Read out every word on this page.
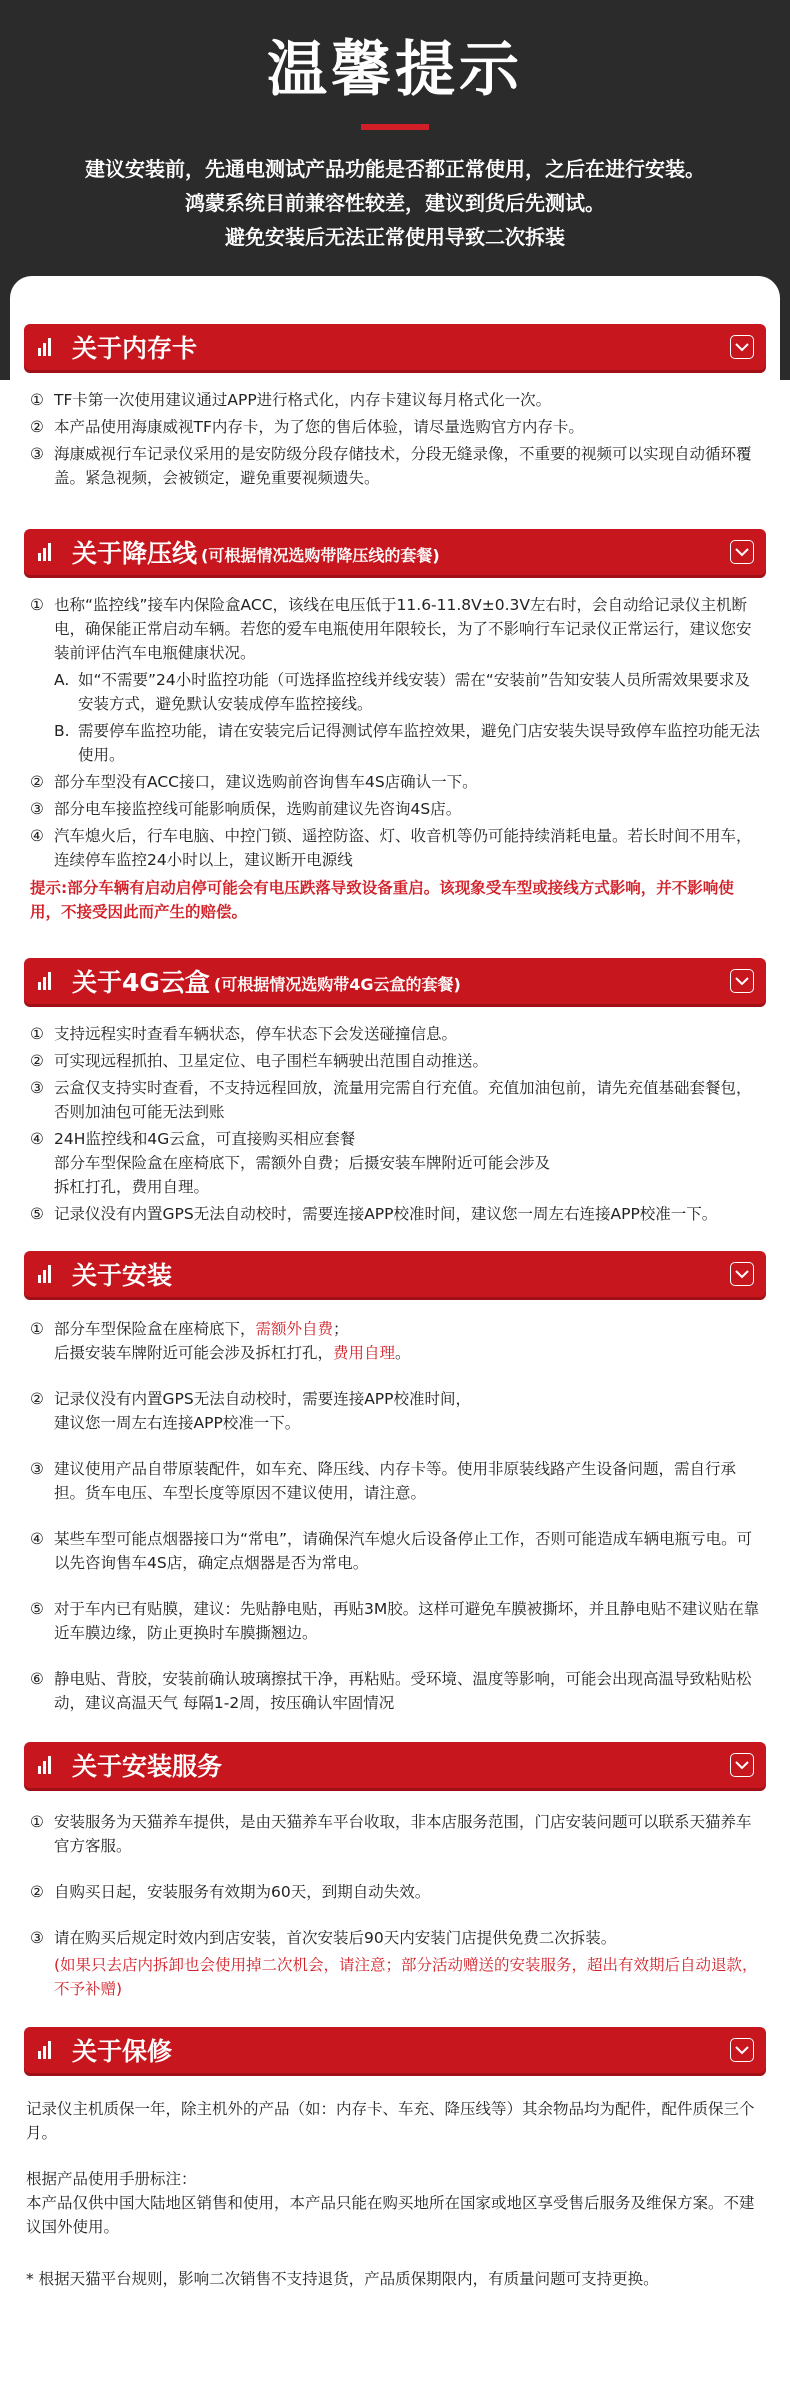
温馨提示

建议安装前，先通电测试产品功能是否都正常使用，之后在进行安装。

鸿蒙系统目前兼容性较差，建议到货后先测试。

避免安装后无法正常使用导致二次拆装

关于内存卡
① TF卡第一次使用建议通过APP进行格式化，内存卡建议每月格式化一次。
② 本产品使用海康威视TF内存卡，为了您的售后体验，请尽量选购官方内存卡。
③ 海康威视行车记录仪采用的是安防级分段存储技术，分段无缝录像，不重要的视频可以实现自动循环覆盖。紧急视频，会被锁定，避免重要视频遗失。
关于降压线 (可根据情况选购带降压线的套餐)
① 也称“监控线”接车内保险盒ACC，该线在电压低于11.6-11.8V±0.3V左右时，会自动给记录仪主机断电，确保能正常启动车辆。若您的爱车电瓶使用年限较长，为了不影响行车记录仪正常运行，建议您安装前评估汽车电瓶健康状况。
A. 如“不需要”24小时监控功能（可选择监控线并线安装）需在“安装前”告知安装人员所需效果要求及安装方式，避免默认安装成停车监控接线。
B. 需要停车监控功能，请在安装完后记得测试停车监控效果，避免门店安装失误导致停车监控功能无法使用。
② 部分车型没有ACC接口，建议选购前咨询售车4S店确认一下。
③ 部分电车接监控线可能影响质保，选购前建议先咨询4S店。
④ 汽车熄火后，行车电脑、中控门锁、遥控防盗、灯、收音机等仍可能持续消耗电量。若长时间不用车，连续停车监控24小时以上，建议断开电源线
提示:部分车辆有启动启停可能会有电压跌落导致设备重启。该现象受车型或接线方式影响，并不影响使用，不接受因此而产生的赔偿。
关于4G云盒 (可根据情况选购带4G云盒的套餐)
① 支持远程实时查看车辆状态，停车状态下会发送碰撞信息。
② 可实现远程抓拍、卫星定位、电子围栏车辆驶出范围自动推送。
③ 云盒仅支持实时查看，不支持远程回放，流量用完需自行充值。充值加油包前，请先充值基础套餐包，否则加油包可能无法到账
④ 24H监控线和4G云盒，可直接购买相应套餐
部分车型保险盒在座椅底下，需额外自费；后摄安装车牌附近可能会涉及
拆杠打孔，费用自理。
⑤ 记录仪没有内置GPS无法自动校时，需要连接APP校准时间，建议您一周左右连接APP校准一下。
关于安装
① 部分车型保险盒在座椅底下，需额外自费；
后摄安装车牌附近可能会涉及拆杠打孔，费用自理。
② 记录仪没有内置GPS无法自动校时，需要连接APP校准时间，
建议您一周左右连接APP校准一下。
③ 建议使用产品自带原装配件，如车充、降压线、内存卡等。使用非原装线路产生设备问题，需自行承担。货车电压、车型长度等原因不建议使用，请注意。
④ 某些车型可能点烟器接口为“常电”，请确保汽车熄火后设备停止工作，否则可能造成车辆电瓶亏电。可以先咨询售车4S店，确定点烟器是否为常电。
⑤ 对于车内已有贴膜，建议：先贴静电贴，再贴3M胶。这样可避免车膜被撕坏，并且静电贴不建议贴在靠近车膜边缘，防止更换时车膜撕翘边。
⑥ 静电贴、背胶，安装前确认玻璃擦拭干净，再粘贴。受环境、温度等影响，可能会出现高温导致粘贴松动，建议高温天气 每隔1-2周，按压确认牢固情况
关于安装服务
① 安装服务为天猫养车提供，是由天猫养车平台收取，非本店服务范围，门店安装问题可以联系天猫养车官方客服。
② 自购买日起，安装服务有效期为60天，到期自动失效。
③ 请在购买后规定时效内到店安装，首次安装后90天内安装门店提供免费二次拆装。
(如果只去店内拆卸也会使用掉二次机会，请注意；部分活动赠送的安装服务，超出有效期后自动退款，不予补赠)
关于保修
记录仪主机质保一年，除主机外的产品（如：内存卡、车充、降压线等）其余物品均为配件，配件质保三个月。
根据产品使用手册标注：
本产品仅供中国大陆地区销售和使用，本产品只能在购买地所在国家或地区享受售后服务及维保方案。不建议国外使用。
* 根据天猫平台规则，影响二次销售不支持退货，产品质保期限内，有质量问题可支持更换。
